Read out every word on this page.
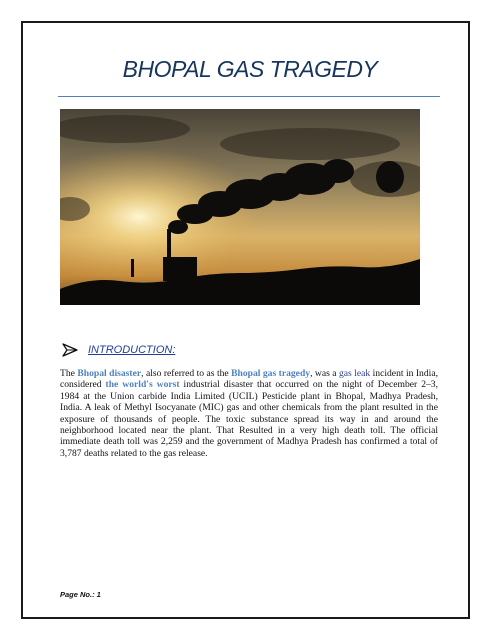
BHOPAL GAS TRAGEDY
INTRODUCTION:
The Bhopal disaster, also referred to as the Bhopal gas tragedy, was a gas leak incident in India, considered the world's worst industrial disaster that occurred on the night of December 2–3, 1984 at the Union carbide India Limited (UCIL) Pesticide plant in Bhopal, Madhya Pradesh, India. A leak of Methyl Isocyanate (MIC) gas and other chemicals from the plant resulted in the exposure of thousands of people. The toxic substance spread its way in and around the neighborhood located near the plant. That Resulted in a very high death toll. The official immediate death toll was 2,259 and the government of Madhya Pradesh has confirmed a total of 3,787 deaths related to the gas release.
Page No.: 1
